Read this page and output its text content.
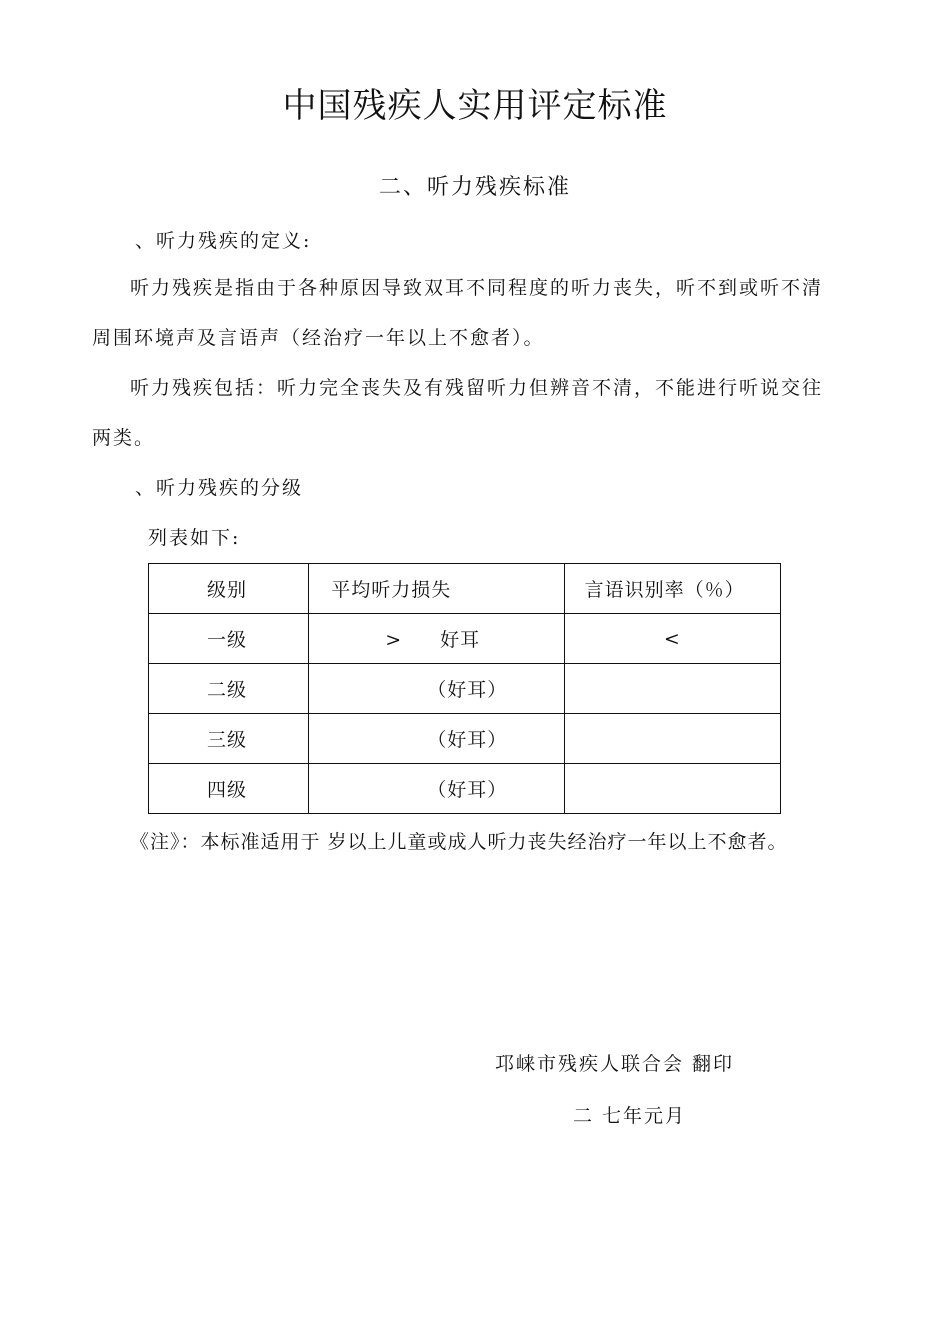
中国残疾人实用评定标准
二、听力残疾标准
、听力残疾的定义:
听力残疾是指由于各种原因导致双耳不同程度的听力丧失，听不到或听不清
周围环境声及言语声（经治疗一年以上不愈者）。
听力残疾包括：听力完全丧失及有残留听力但辨音不清，不能进行听说交往
两类。
、听力残疾的分级
列表如下:
级别	平均听力损失	言语识别率（％）
一级	> 好耳	<
二级	（好耳）	
三级	（好耳）	
四级	（好耳）	
《注》：本标准适用于 岁以上儿童或成人听力丧失经治疗一年以上不愈者。
邛崃市残疾人联合会 翻印
二 七年元月
